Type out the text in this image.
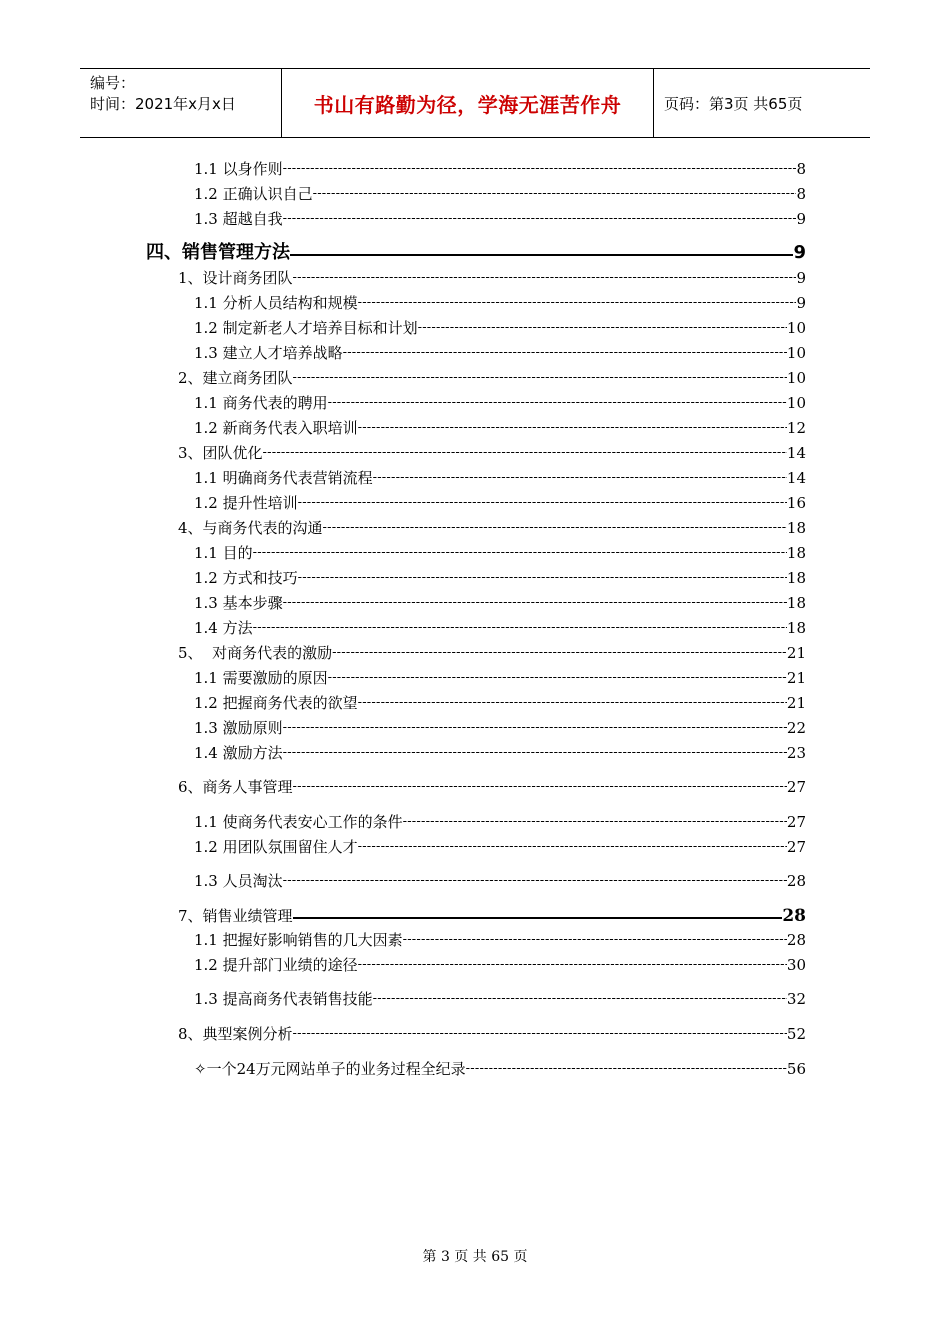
编号：
时间：2021年x月x日	书山有路勤为径，学海无涯苦作舟	页码：第3页 共65页
1.1 以身作则 -----	8
1.2 正确认识自己 -----	8
1.3 超越自我 -----	9
四、销售管理方法	9
1、设计商务团队 -----	9
1.1 分析人员结构和规模 -----	9
1.2 制定新老人才培养目标和计划 -----	10
1.3 建立人才培养战略 -----	10
2、建立商务团队 -----	10
1.1 商务代表的聘用 -----	10
1.2 新商务代表入职培训 -----	12
3、团队优化 -----	14
1.1 明确商务代表营销流程 -----	14
1.2 提升性培训 -----	16
4、与商务代表的沟通 -----	18
1.1 目的 -----	18
1.2 方式和技巧 -----	18
1.3 基本步骤 -----	18
1.4 方法 -----	18
5、  对商务代表的激励 -----	21
1.1 需要激励的原因 -----	21
1.2 把握商务代表的欲望 -----	21
1.3 激励原则 -----	22
1.4 激励方法 -----	23
6、商务人事管理 -----	27
1.1 使商务代表安心工作的条件 -----	27
1.2 用团队氛围留住人才 -----	27
1.3 人员淘汰 -----	28
7、销售业绩管理	28
1.1 把握好影响销售的几大因素 -----	28
1.2 提升部门业绩的途径 -----	30
1.3 提高商务代表销售技能 -----	32
8、典型案例分析 -----	52
✧一个24万元网站单子的业务过程全纪录 -----	56
第 3 页 共 65 页
